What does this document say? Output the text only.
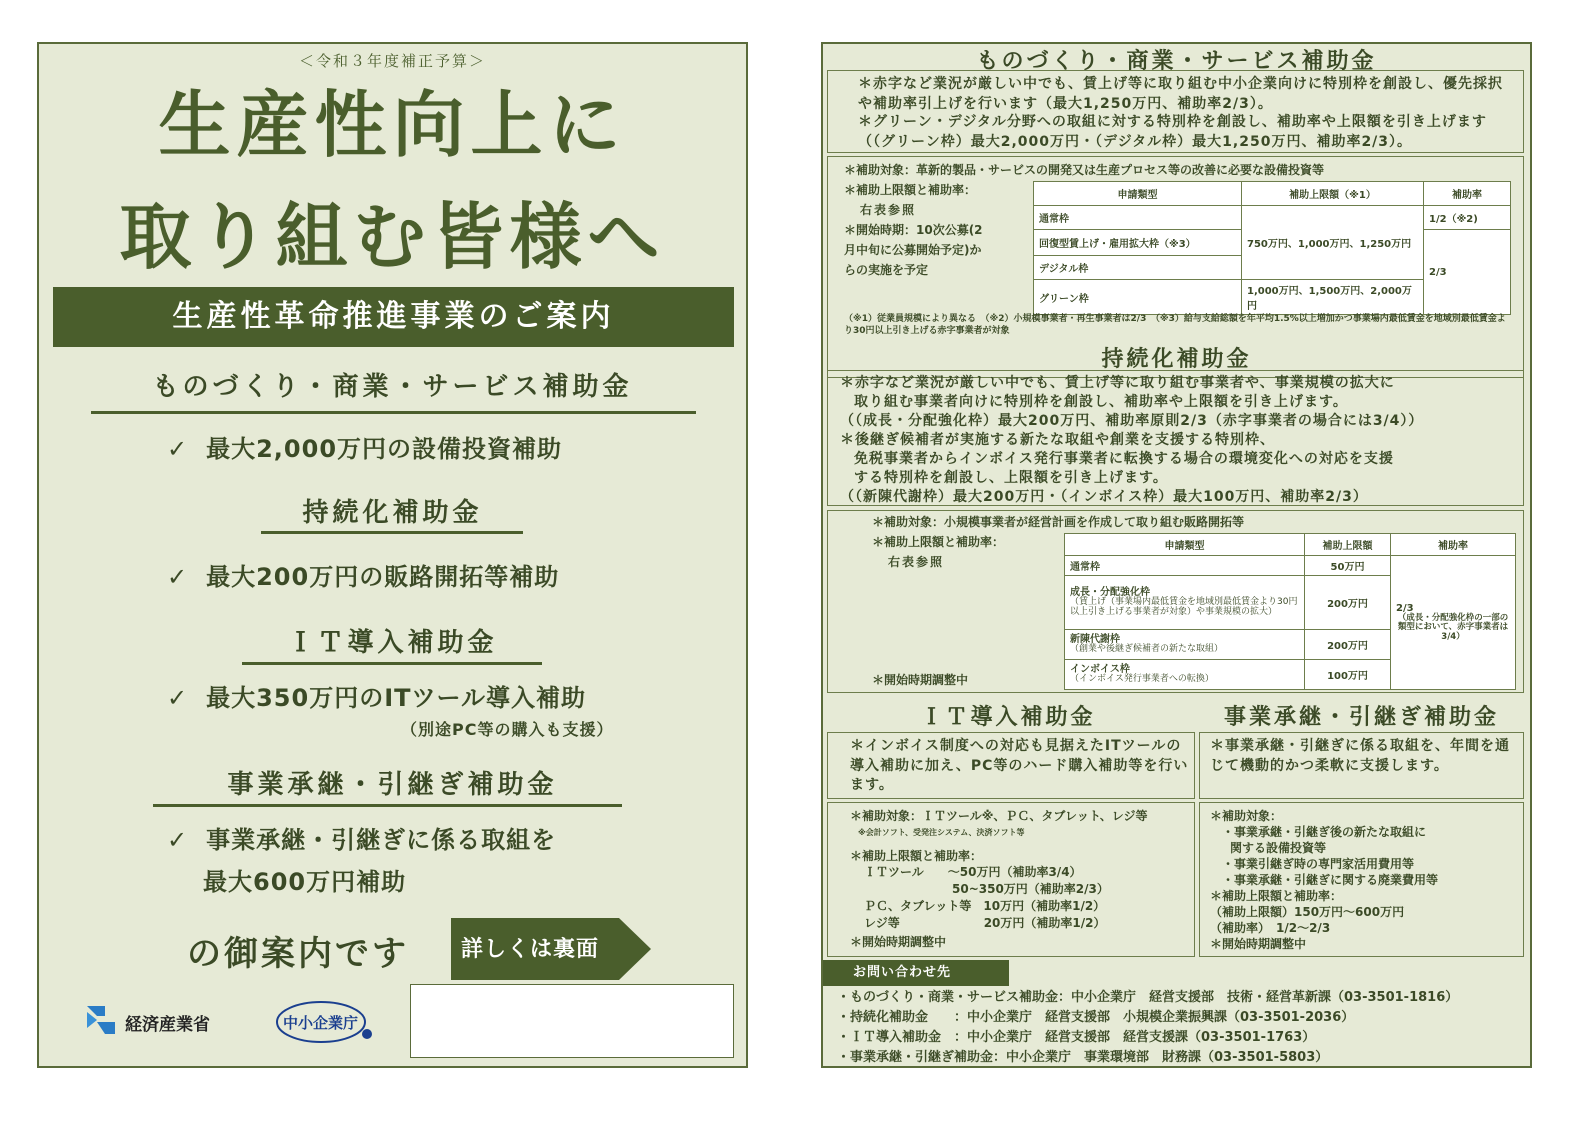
＜令和３年度補正予算＞
生産性向上に
取り組む皆様へ
生産性革命推進事業のご案内
ものづくり・商業・サービス補助金
✓ 最大2,000万円の設備投資補助
持続化補助金
✓ 最大200万円の販路開拓等補助
ＩＴ導入補助金
✓ 最大350万円のITツール導入補助
（別途PC等の購入も支援）
事業承継・引継ぎ補助金
✓ 事業承継・引継ぎに係る取組を
最大600万円補助
の御案内です 詳しくは裏面
経済産業省	中小企業庁
ものづくり・商業・サービス補助金
＊赤字など業況が厳しい中でも、賃上げ等に取り組む中小企業向けに特別枠を創設し、優先採択や補助率引上げを行います（最大1,250万円、補助率2/3）。
＊グリーン・デジタル分野への取組に対する特別枠を創設し、補助率や上限額を引き上げます（（グリーン枠）最大2,000万円・（デジタル枠）最大1,250万円、補助率2/3）。
＊補助対象：革新的製品・サービスの開発又は生産プロセス等の改善に必要な設備投資等
＊補助上限額と補助率：
右表参照
＊開始時期：10次公募(2
月中旬に公募開始予定)か
らの実施を予定
申請類型	補助上限額（※1）	補助率
通常枠	750万円、1,000万円、1,250万円	1/2（※2)
回復型賃上げ・雇用拡大枠（※3）		2/3
デジタル枠		
グリーン枠	1,000万円、1,500万円、2,000万円	
（※1）従業員規模により異なる　（※2）小規模事業者・再生事業者は2/3　（※3）給与支給総額を年平均1.5%以上増加かつ事業場内最低賃金を地域別最低賃金より30円以上引き上げる赤字事業者が対象
持続化補助金
＊赤字など業況が厳しい中でも、賃上げ等に取り組む事業者や、事業規模の拡大に
取り組む事業者向けに特別枠を創設し、補助率や上限額を引き上げます。
（（成長・分配強化枠）最大200万円、補助率原則2/3（赤字事業者の場合には3/4））
＊後継ぎ候補者が実施する新たな取組や創業を支援する特別枠、
免税事業者からインボイス発行事業者に転換する場合の環境変化への対応を支援
する特別枠を創設し、上限額を引き上げます。
（（新陳代謝枠）最大200万円・（インボイス枠）最大100万円、補助率2/3）
＊補助対象：小規模事業者が経営計画を作成して取り組む販路開拓等
＊補助上限額と補助率：
右表参照
＊開始時期調整中
申請類型	補助上限額	補助率
通常枠	50万円	2/3
（成長・分配強化枠の一部の類型において、赤字事業者は3/4）

成長・分配強化枠
（賃上げ（事業場内最低賃金を地域別最低賃金より30円以上引き上げる事業者が対象）や事業規模の拡大）	200万円	

新陳代謝枠
（創業や後継ぎ候補者の新たな取組）	200万円	

インボイス枠
（インボイス発行事業者への転換）	100万円	
ＩＴ導入補助金
＊インボイス制度への対応も見据えたITツールの導入補助に加え、PC等のハード購入補助等を行います。
＊補助対象：ＩＴツール※、ＰＣ、タブレット、レジ等
※会計ソフト、受発注システム、決済ソフト等
＊補助上限額と補助率：
ＩＴツール　　～50万円（補助率3/4）
50~350万円（補助率2/3）
ＰＣ、タブレット等　10万円（補助率1/2）
レジ等　　　　　　　20万円（補助率1/2）
＊開始時期調整中
事業承継・引継ぎ補助金
＊事業承継・引継ぎに係る取組を、年間を通じて機動的かつ柔軟に支援します。
＊補助対象：
・事業承継・引継ぎ後の新たな取組に
関する設備投資等
・事業引継ぎ時の専門家活用費用等
・事業承継・引継ぎに関する廃業費用等
＊補助上限額と補助率：
（補助上限額）150万円～600万円
（補助率）　1/2～2/3
＊開始時期調整中
お問い合わせ先
・ものづくり・商業・サービス補助金：中小企業庁　経営支援部　技術・経営革新課（03-3501-1816）
・持続化補助金　　：中小企業庁　経営支援部　小規模企業振興課（03-3501-2036）
・ＩＴ導入補助金　：中小企業庁　経営支援部　経営支援課（03-3501-1763）
・事業承継・引継ぎ補助金：中小企業庁　事業環境部　財務課（03-3501-5803）
